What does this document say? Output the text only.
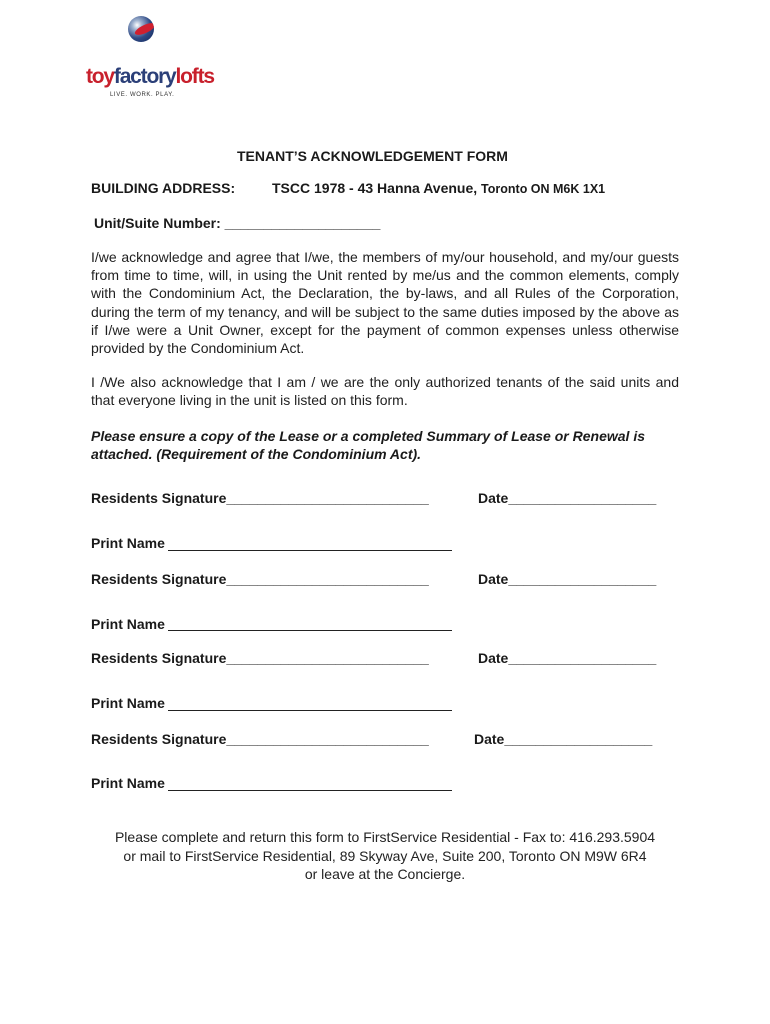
toyfactorylofts
LIVE. WORK. PLAY.
TENANT’S ACKNOWLEDGEMENT FORM
BUILDING ADDRESS:	TSCC 1978 - 43 Hanna Avenue, Toronto ON M6K 1X1
Unit/Suite Number: ____________________
I/we acknowledge and agree that I/we, the members of my/our household, and my/our guests from time to time, will, in using the Unit rented by me/us and the common elements, comply with the Condominium Act, the Declaration, the by-laws, and all Rules of the Corporation, during the term of my tenancy, and will be subject to the same duties imposed by the above as if I/we were a Unit Owner, except for the payment of common expenses unless otherwise provided by the Condominium Act.
I /We also acknowledge that I am / we are the only authorized tenants of the said units and that everyone living in the unit is listed on this form.
Please ensure a copy of the Lease or a completed Summary of Lease or Renewal is
attached. (Requirement of the Condominium Act).
Residents Signature__________________________	Date___________________
Print Name
Residents Signature__________________________	Date___________________
Print Name
Residents Signature__________________________	Date___________________
Print Name
Residents Signature__________________________	Date___________________
Print Name
Please complete and return this form to FirstService Residential - Fax to: 416.293.5904
or mail to FirstService Residential, 89 Skyway Ave, Suite 200, Toronto ON M9W 6R4
or leave at the Concierge.
